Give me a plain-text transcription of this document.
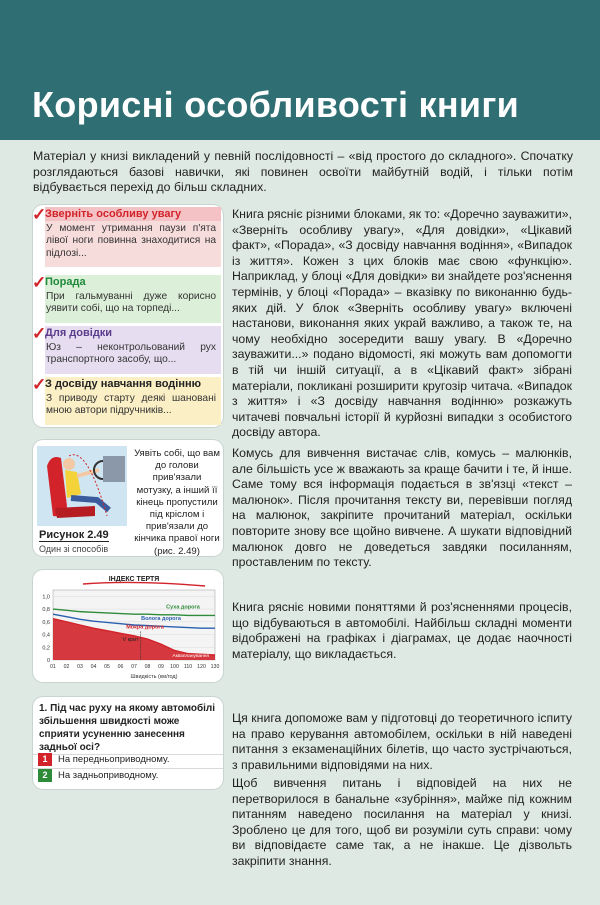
Корисні особливості книги
Матеріал у книзі викладений у певній послідовності – «від простого до складного». Спочатку розглядаються базові навички, які повинен освоїти майбутній водій, і тільки потім відбувається перехід до більш складних.
✓
Зверніть особливу увагу
У момент утримання паузи п'ята лівої ноги повинна знаходитися на підлозі...
✓
Порада
При гальмуванні дуже корисно уявити собі, що на торпеді...
✓
Для довідки
Юз – неконтрольований рух транспортного засобу, що...
✓
З досвіду навчання водінню
З приводу старту деякі шановані мною автори підручників...
Книга рясніє різними блоками, як то: «Доречно зауважити», «Зверніть особливу увагу», «Для довідки», «Цікавий факт», «Порада», «З досвіду навчання водіння», «Випадок із життя». Кожен з цих блоків має свою «функцію». Наприклад, у блоці «Для довідки» ви знайдете роз'яснення термінів, у блоці «Порада» – вказівку по виконанню будь-яких дій. У блок «Зверніть особливу увагу» включені настанови, виконання яких украй важливо, а також те, на чому необхідно зосередити вашу увагу. В «Доречно зауважити...» подано відомості, які можуть вам допомогти в тій чи іншій ситуації, а в «Цікавий факт» зібрані матеріали, покликані розширити кругозір читача. «Випадок з життя» і «З досвіду навчання водінню» розкажуть читачеві повчальні історії й курйозні випадки з особистого досвіду автора.
Уявіть собі, що вам до голови прив'язали мотузку, а інший її кінець пропустили під кріслом і прив'язали до кінчика правої ноги (рис. 2.49)
Рисунок 2.49
Один зі способів
Комусь для вивчення вистачає слів, комусь – малюнків, але більшість усе ж вважають за краще бачити і те, й інше. Саме тому вся інформація подається в зв'язці «текст – малюнок». Після прочитання тексту ви, перевівши погляд на малюнок, закріпите прочитаний матеріал, оскільки повторите знову все щойно вивчене. А шукати відповідний малюнок довго не доведеться завдяки посиланням, проставленим по тексту.
ІНДЕКС ТЕРТЯ
0
0,2
0,4
0,6
0,8
1,0
01 02 03 04 05 06 07 08 09 100 110 120 130
Швидкість (км/год)
Суха дорога
Волога дорога
Мокра дорога
V крит
Аквапланування
Книга рясніє новими поняттями й роз'ясненнями процесів, що відбуваються в автомобілі. Найбільш складні моменти відображені на графіках і діаграмах, це додає наочності матеріалу, що викладається.
1. Під час руху на якому автомобілі збільшення швидкості може сприяти усуненню занесення задньої осі?
1	На передньоприводному.
2	На задньоприводному.
Ця книга допоможе вам у підготовці до теоретичного іспиту на право керування автомобілем, оскільки в ній наведені питання з екзаменаційних білетів, що часто зустрічаються, з правильними відповідями на них.
Щоб вивчення питань і відповідей на них не перетворилося в банальне «зубріння», майже під кожним питанням наведено посилання на матеріал у книзі. Зроблено це для того, щоб ви розуміли суть справи: чому ви відповідаєте саме так, а не інакше. Це дізвольть закріпити знання.
